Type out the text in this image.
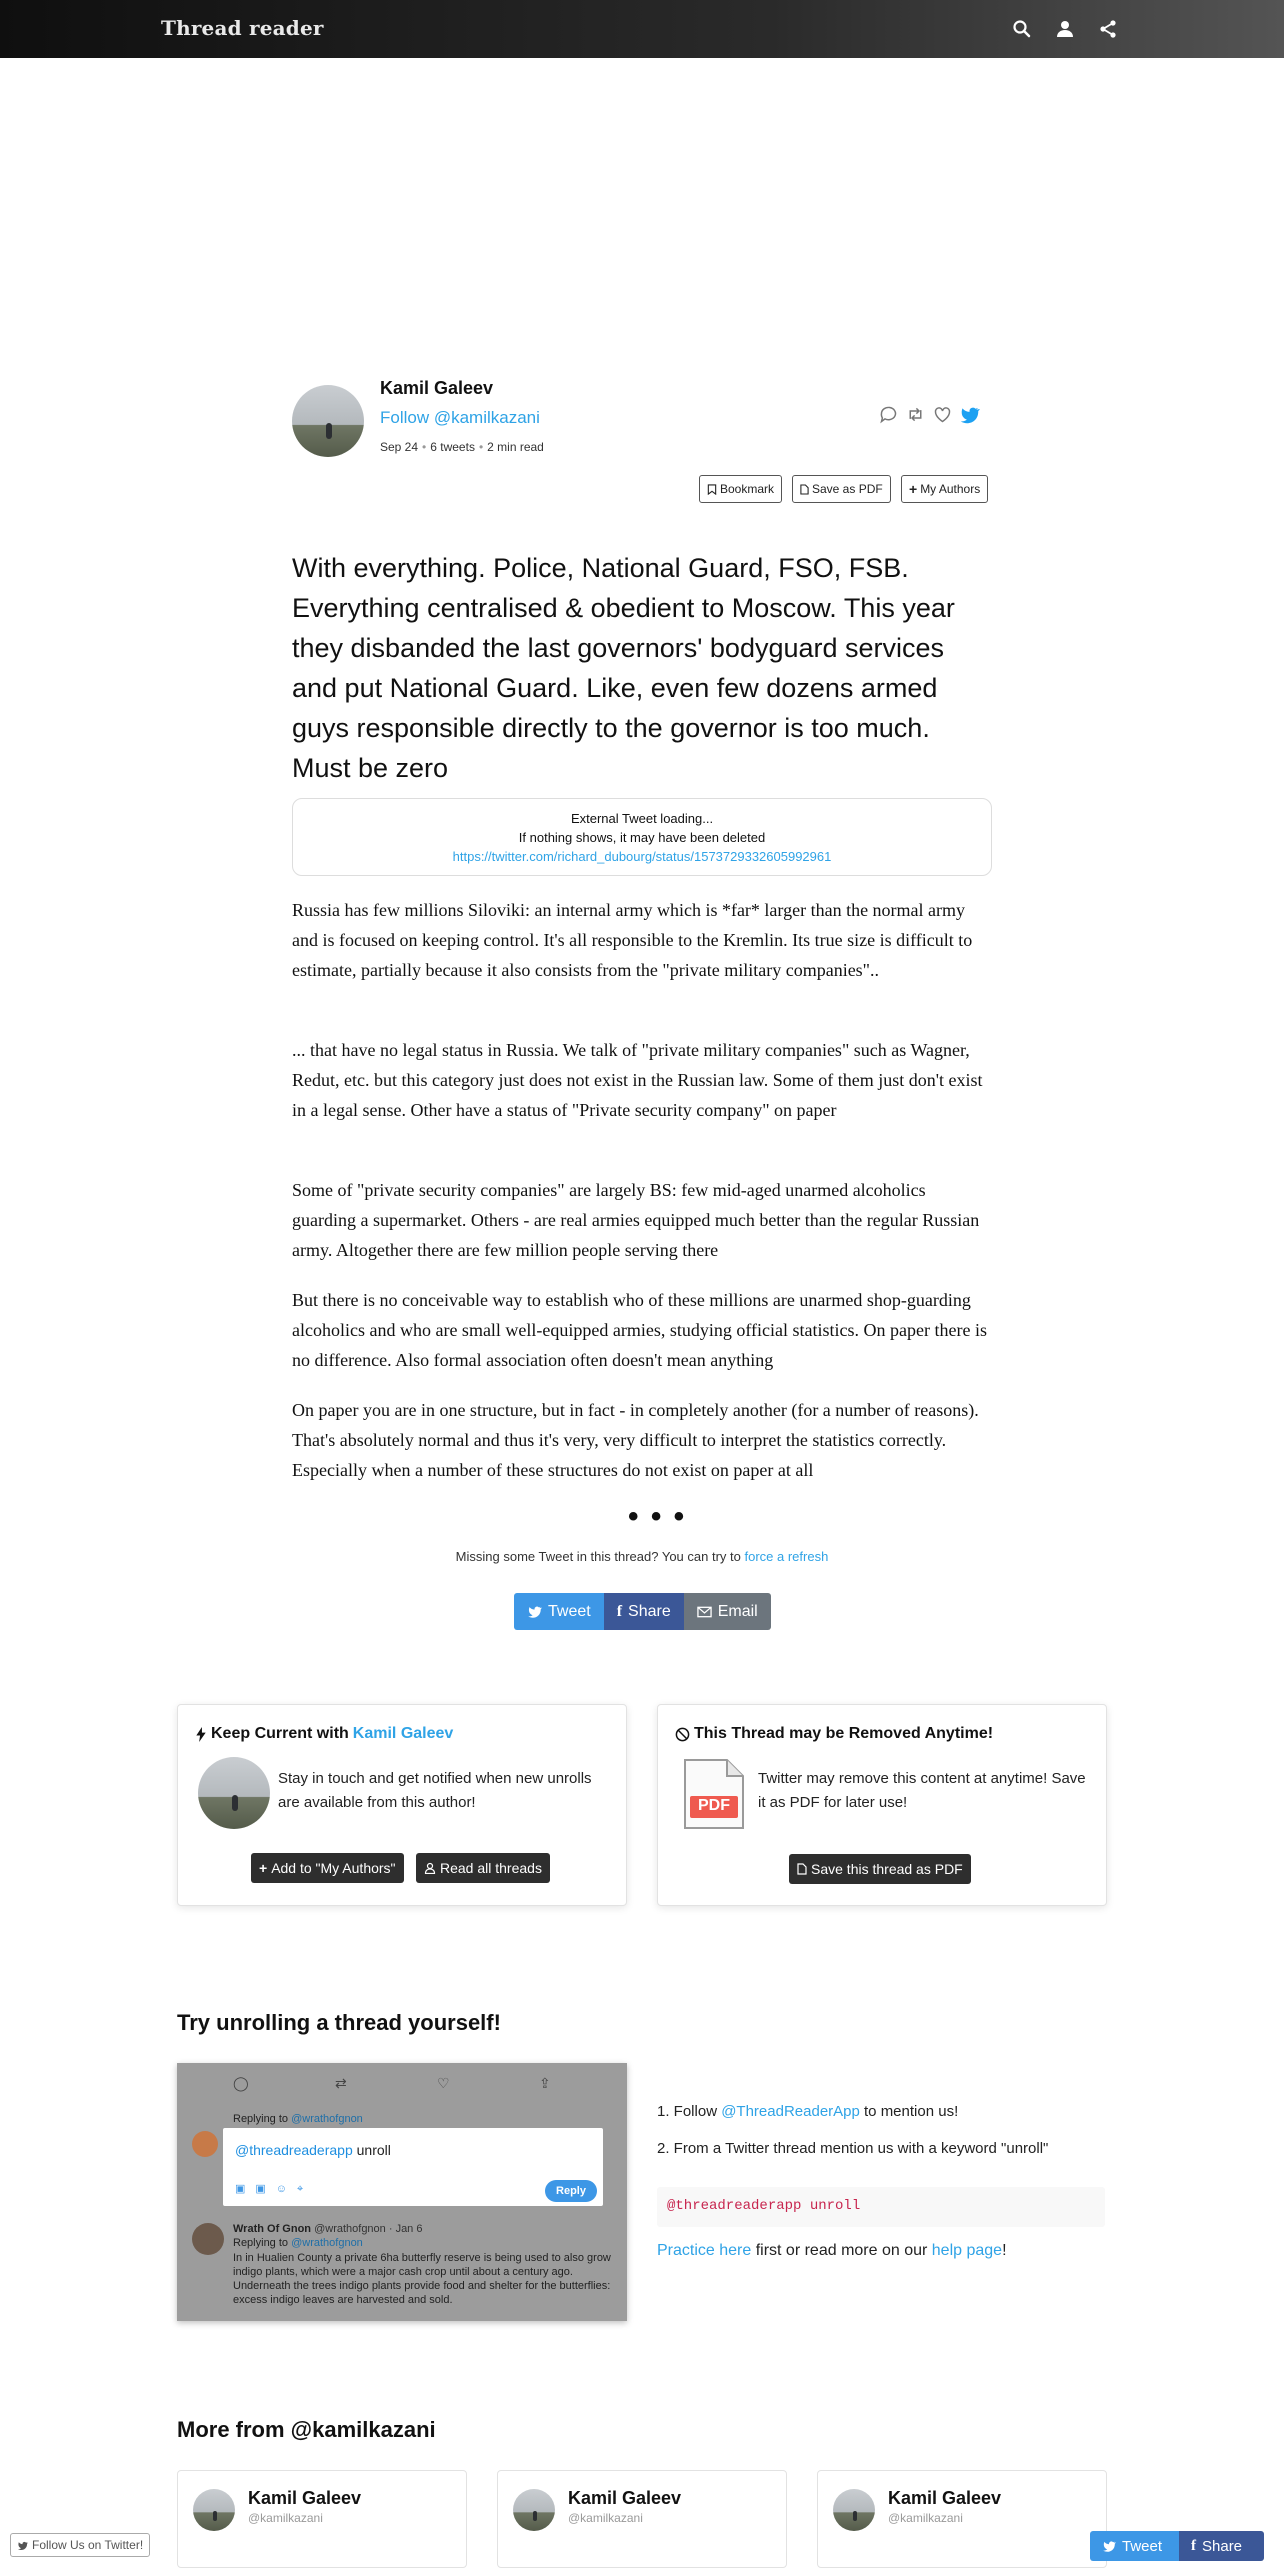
Thread reader
Kamil Galeev
Follow @kamilkazani
Sep 24 • 6 tweets • 2 min read
Bookmark	Save as PDF + My Authors
With everything. Police, National Guard, FSO, FSB. Everything centralised & obedient to Moscow. This year they disbanded the last governors' bodyguard services and put National Guard. Like, even few dozens armed guys responsible directly to the governor is too much. Must be zero
External Tweet loading...
If nothing shows, it may have been deleted
https://twitter.com/richard_dubourg/status/1573729332605992961
Russia has few millions Siloviki: an internal army which is *far* larger than the normal army and is focused on keeping control. It's all responsible to the Kremlin. Its true size is difficult to estimate, partially because it also consists from the "private military companies"..
... that have no legal status in Russia. We talk of "private military companies" such as Wagner, Redut, etc. but this category just does not exist in the Russian law. Some of them just don't exist in a legal sense. Other have a status of "Private security company" on paper
Some of "private security companies" are largely BS: few mid-aged unarmed alcoholics guarding a supermarket. Others - are real armies equipped much better than the regular Russian army. Altogether there are few million people serving there
But there is no conceivable way to establish who of these millions are unarmed shop-guarding alcoholics and who are small well-equipped armies, studying official statistics. On paper there is no difference. Also formal association often doesn't mean anything
On paper you are in one structure, but in fact - in completely another (for a number of reasons). That's absolutely normal and thus it's very, very difficult to interpret the statistics correctly. Especially when a number of these structures do not exist on paper at all
• • •
Missing some Tweet in this thread? You can try to force a refresh
Tweet f Share	Email
Keep Current with Kamil Galeev
Stay in touch and get notified when new unrolls are available from this author!
+ Add to "My Authors"	Read all threads
This Thread may be Removed Anytime!
Twitter may remove this content at anytime! Save it as PDF for later use!
Save this thread as PDF
PDF
Try unrolling a thread yourself!
◯	⇄	♡	⇪
Replying to @wrathofgnon
@threadreaderapp unroll
▣▣☺⌖	Reply
Wrath Of Gnon @wrathofgnon · Jan 6
Replying to @wrathofgnon
In in Hualien County a private 6ha butterfly reserve is being used to also grow indigo plants, which were a major cash crop until about a century ago. Underneath the trees indigo plants provide food and shelter for the butterflies: excess indigo leaves are harvested and sold.
1. Follow @ThreadReaderApp to mention us!
2. From a Twitter thread mention us with a keyword "unroll"
@threadreaderapp unroll
Practice here first or read more on our help page!
More from @kamilkazani
Kamil Galeev
@kamilkazani
Kamil Galeev
@kamilkazani
Kamil Galeev
@kamilkazani
Follow Us on Twitter!	Tweet f Share
